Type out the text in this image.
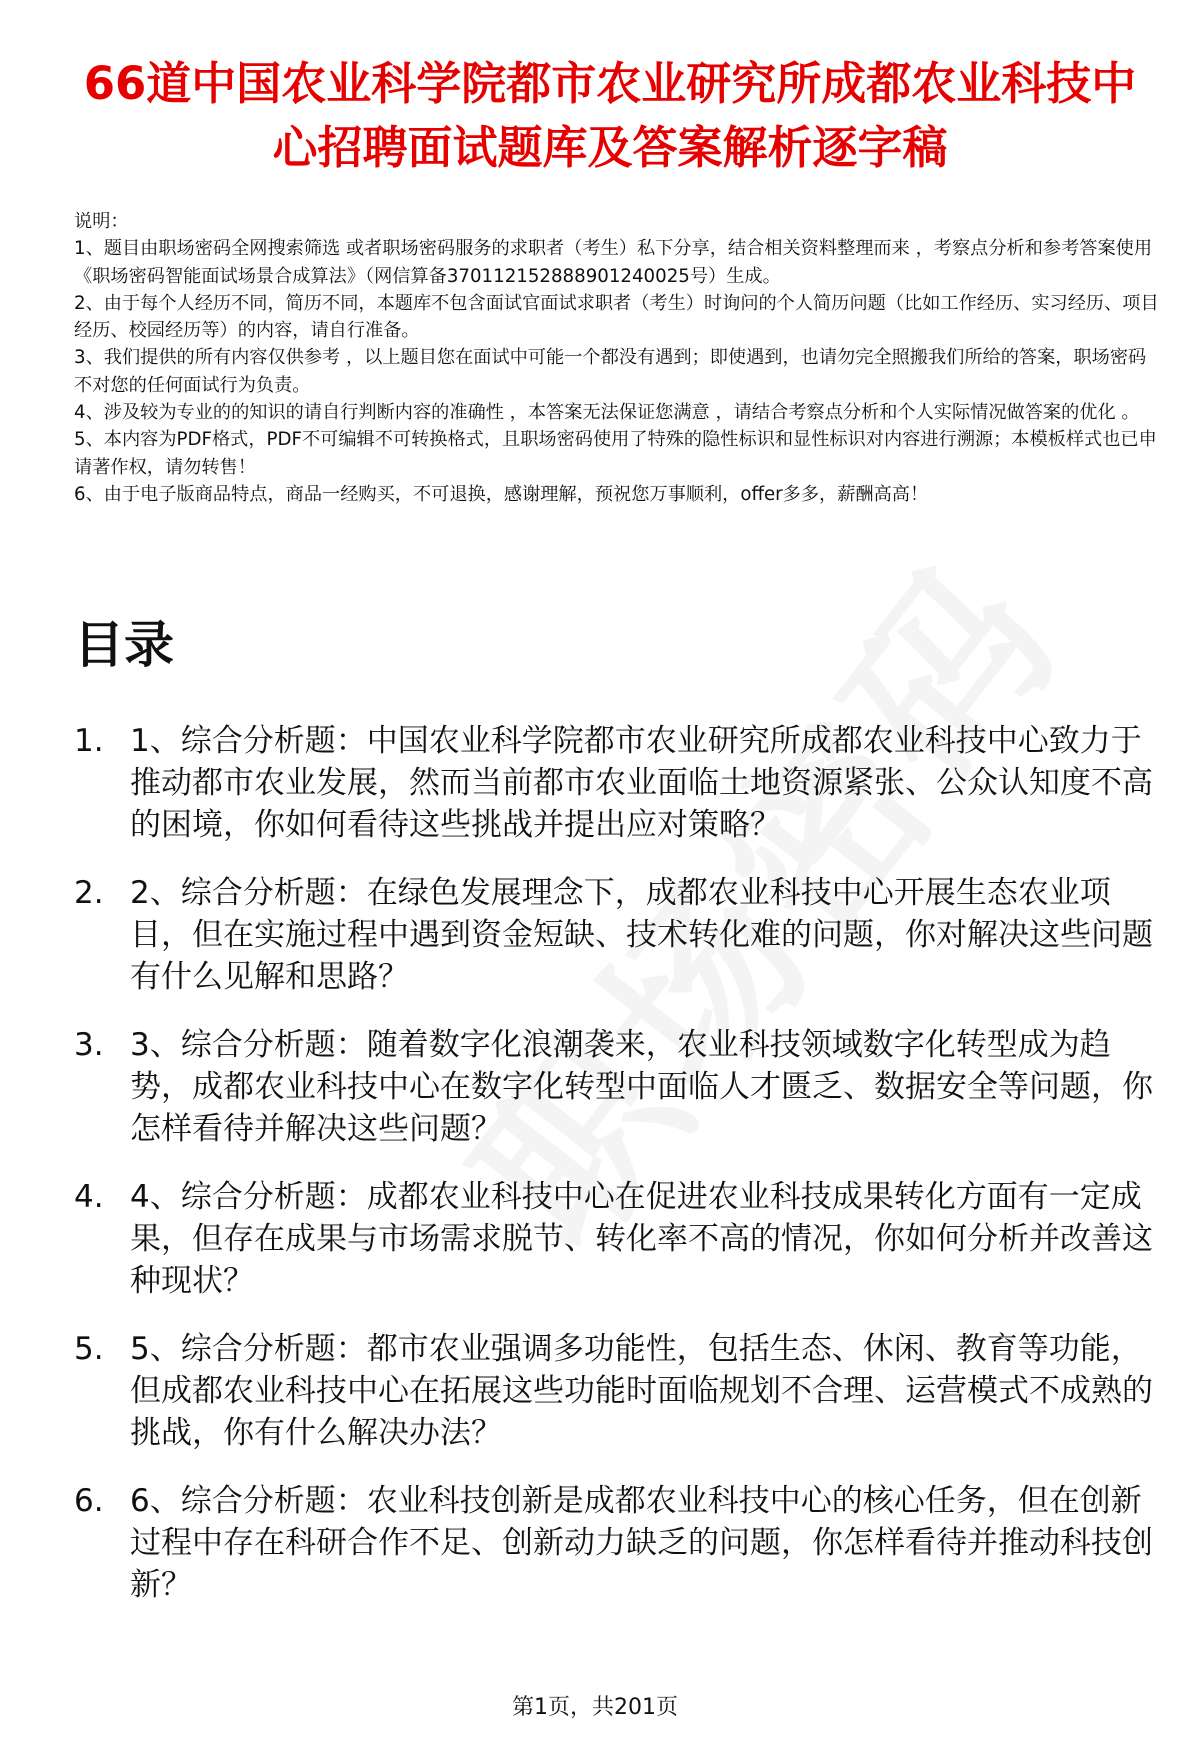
66道中国农业科学院都市农业研究所成都农业科技中心招聘面试题库及答案解析逐字稿

说明：

1、题目由职场密码全网搜索筛选 或者职场密码服务的求职者（考生）私下分享，结合相关资料整理而来 ，考察点分析和参考答案使用《职场密码智能面试场景合成算法》（网信算备370112152888901240025号）生成。

2、由于每个人经历不同，简历不同，本题库不包含面试官面试求职者（考生）时询问的个人简历问题（比如工作经历、实习经历、项目经历、校园经历等）的内容，请自行准备。

3、我们提供的所有内容仅供参考 ，以上题目您在面试中可能一个都没有遇到；即使遇到，也请勿完全照搬我们所给的答案，职场密码不对您的任何面试行为负责。

4、涉及较为专业的的知识的请自行判断内容的准确性 ，本答案无法保证您满意 ，请结合考察点分析和个人实际情况做答案的优化 。

5、本内容为PDF格式，PDF不可编辑不可转换格式，且职场密码使用了特殊的隐性标识和显性标识对内容进行溯源；本模板样式也已申请著作权，请勿转售！

6、由于电子版商品特点，商品一经购买，不可退换，感谢理解，预祝您万事顺利，offer多多，薪酬高高！

目录
1. 1、综合分析题：中国农业科学院都市农业研究所成都农业科技中心致力于推动都市农业发展，然而当前都市农业面临土地资源紧张、公众认知度不高的困境，你如何看待这些挑战并提出应对策略？
2. 2、综合分析题：在绿色发展理念下，成都农业科技中心开展生态农业项目，但在实施过程中遇到资金短缺、技术转化难的问题，你对解决这些问题有什么见解和思路？
3. 3、综合分析题：随着数字化浪潮袭来，农业科技领域数字化转型成为趋势，成都农业科技中心在数字化转型中面临人才匮乏、数据安全等问题，你怎样看待并解决这些问题？
4. 4、综合分析题：成都农业科技中心在促进农业科技成果转化方面有一定成果，但存在成果与市场需求脱节、转化率不高的情况，你如何分析并改善这种现状？
5. 5、综合分析题：都市农业强调多功能性，包括生态、休闲、教育等功能，但成都农业科技中心在拓展这些功能时面临规划不合理、运营模式不成熟的挑战，你有什么解决办法？
6. 6、综合分析题：农业科技创新是成都农业科技中心的核心任务，但在创新过程中存在科研合作不足、创新动力缺乏的问题，你怎样看待并推动科技创新？
第1页，共201页
